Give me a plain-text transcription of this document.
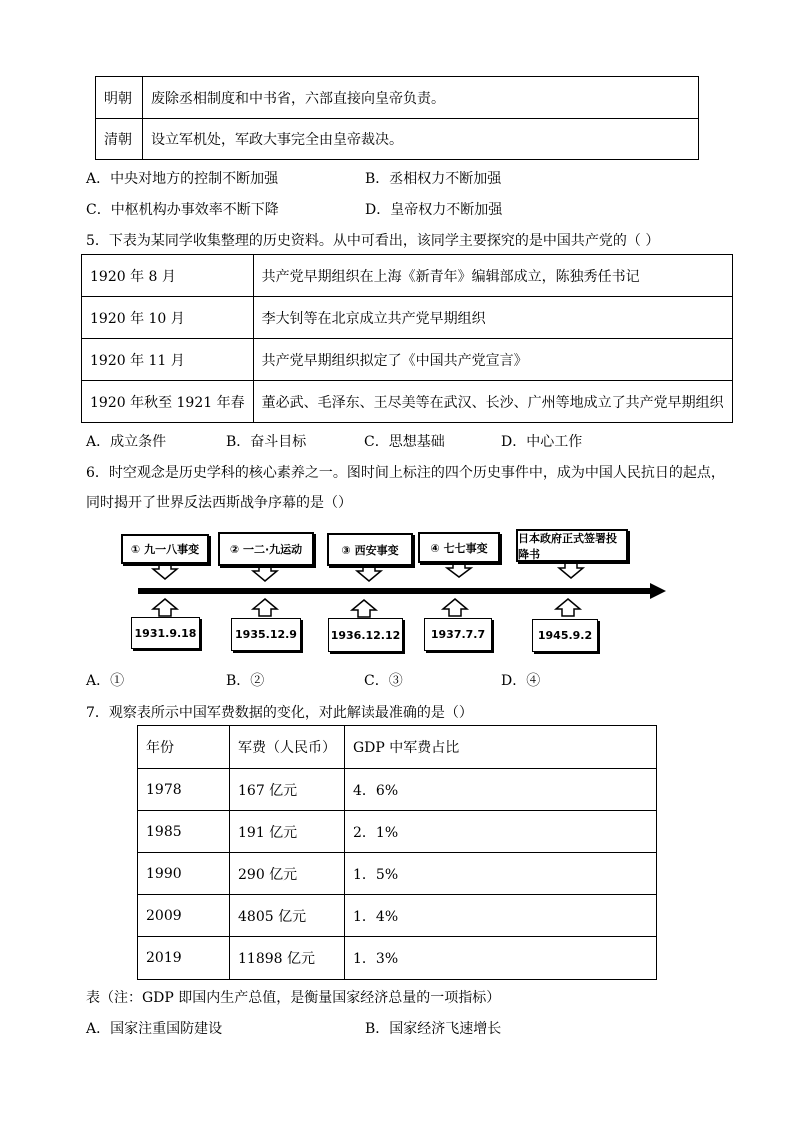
明朝	废除丞相制度和中书省，六部直接向皇帝负责。
清朝	设立军机处，军政大事完全由皇帝裁决。
A．中央对地方的控制不断加强	B．丞相权力不断加强
C．中枢机构办事效率不断下降	D．皇帝权力不断加强
5．下表为某同学收集整理的历史资料。从中可看出，该同学主要探究的是中国共产党的（ ）
1920 年 8 月	共产党早期组织在上海《新青年》编辑部成立，陈独秀任书记
1920 年 10 月	李大钊等在北京成立共产党早期组织
1920 年 11 月	共产党早期组织拟定了《中国共产党宣言》
1920 年秋至 1921 年春	董必武、毛泽东、王尽美等在武汉、长沙、广州等地成立了共产党早期组织
A．成立条件	B．奋斗目标	C．思想基础	D．中心工作
6．时空观念是历史学科的核心素养之一。图时间上标注的四个历史事件中，成为中国人民抗日的起点，
同时揭开了世界反法西斯战争序幕的是（）
① 九一八事变	② 一二·九运动	③ 西安事变	④ 七七事变
日本政府正式签署投降书
1931.9.18	1935.12.9	1936.12.12	1937.7.7	1945.9.2
A．①	B．②	C．③	D．④
7．观察表所示中国军费数据的变化，对此解读最准确的是（）
年份	军费（人民币）	GDP 中军费占比
1978	167 亿元	4．6%
1985	191 亿元	2．1%
1990	290 亿元	1．5%
2009	4805 亿元	1．4%
2019	11898 亿元	1．3%
表（注：GDP 即国内生产总值，是衡量国家经济总量的一项指标）
A．国家注重国防建设	B．国家经济飞速增长
